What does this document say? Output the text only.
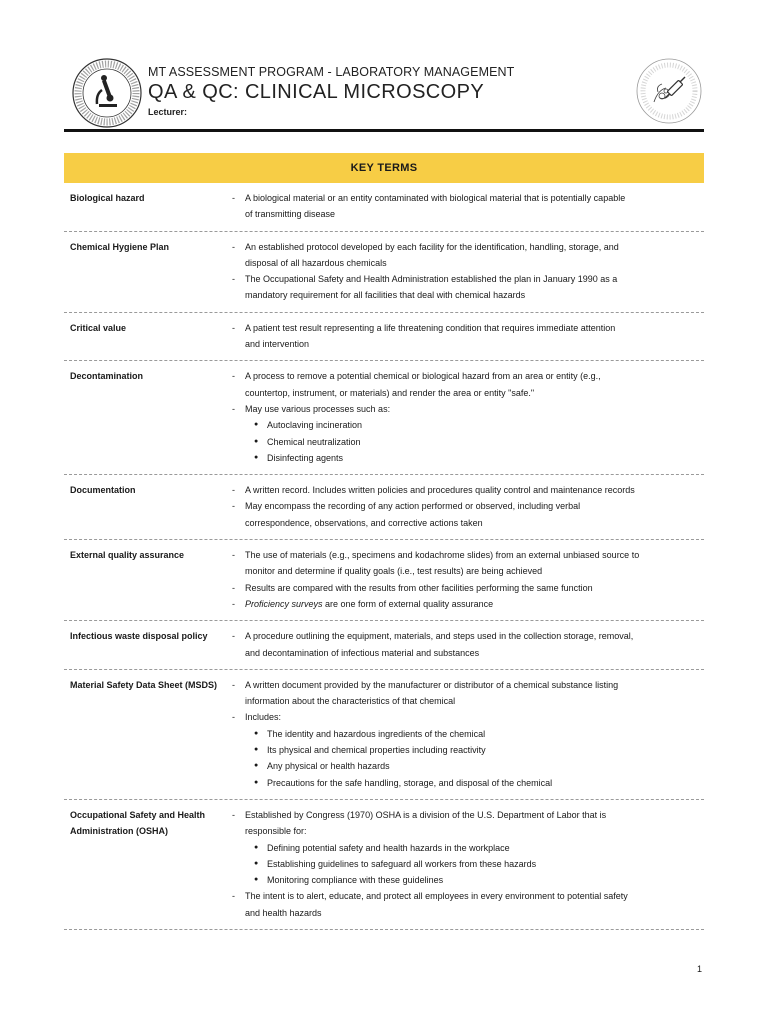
MT ASSESSMENT PROGRAM - LABORATORY MANAGEMENT
QA & QC: CLINICAL MICROSCOPY
Lecturer:
KEY TERMS
Biological hazard	-	A biological material or an entity contaminated with biological material that is potentially capable
of transmitting disease
Chemical Hygiene Plan	-	An established protocol developed by each facility for the identification, handling, storage, and
disposal of all hazardous chemicals
-	The Occupational Safety and Health Administration established the plan in January 1990 as a
mandatory requirement for all facilities that deal with chemical hazards
Critical value	-	A patient test result representing a life threatening condition that requires immediate attention
and intervention
Decontamination	-	A process to remove a potential chemical or biological hazard from an area or entity (e.g.,
countertop, instrument, or materials) and render the area or entity "safe."
-	May use various processes such as:
● Autoclaving incineration
● Chemical neutralization
● Disinfecting agents
Documentation	-	A written record. Includes written policies and procedures quality control and maintenance records
-	May encompass the recording of any action performed or observed, including verbal
correspondence, observations, and corrective actions taken
External quality assurance	-	The use of materials (e.g., specimens and kodachrome slides) from an external unbiased source to
monitor and determine if quality goals (i.e., test results) are being achieved
-	Results are compared with the results from other facilities performing the same function
-	Proficiency surveys are one form of external quality assurance
Infectious waste disposal policy	-	A procedure outlining the equipment, materials, and steps used in the collection storage, removal,
and decontamination of infectious material and substances
Material Safety Data Sheet (MSDS)	-	A written document provided by the manufacturer or distributor of a chemical substance listing
information about the characteristics of that chemical
-	Includes:
● The identity and hazardous ingredients of the chemical
● Its physical and chemical properties including reactivity
● Any physical or health hazards
● Precautions for the safe handling, storage, and disposal of the chemical
Occupational Safety and Health Administration (OSHA)
-	Established by Congress (1970) OSHA is a division of the U.S. Department of Labor that is
responsible for:
● Defining potential safety and health hazards in the workplace
● Establishing guidelines to safeguard all workers from these hazards
● Monitoring compliance with these guidelines
-	The intent is to alert, educate, and protect all employees in every environment to potential safety
and health hazards
1
